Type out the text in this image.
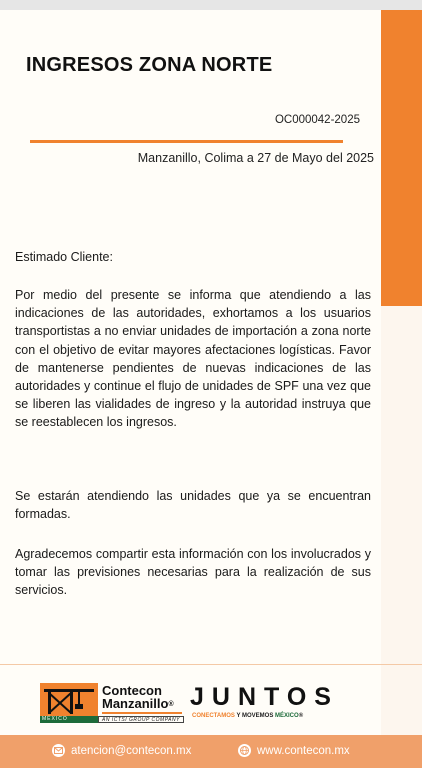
INGRESOS ZONA NORTE
OC000042-2025
Manzanillo, Colima a 27 de Mayo del 2025
Estimado Cliente:

Por medio del presente se informa que atendiendo a las indicaciones de las autoridades, exhortamos a los usuarios transportistas a no enviar unidades de importación a zona norte con el objetivo de evitar mayores afectaciones logísticas. Favor de mantenerse pendientes de nuevas indicaciones de las autoridades y continue el flujo de unidades de SPF una vez que se liberen las vialidades de ingreso y la autoridad instruya que se reestablecen los ingresos.

Se estarán atendiendo las unidades que ya se encuentran formadas.

Agradecemos compartir esta información con los involucrados y tomar las previsiones necesarias para la realización de sus servicios.

Contecon
Manzanillo®
MÉXICO	AN ICTSI GROUP COMPANY
JUNTOS
CONECTAMOS Y MOVEMOS MÉXICO®
atencion@contecon.mx	www.contecon.mx
